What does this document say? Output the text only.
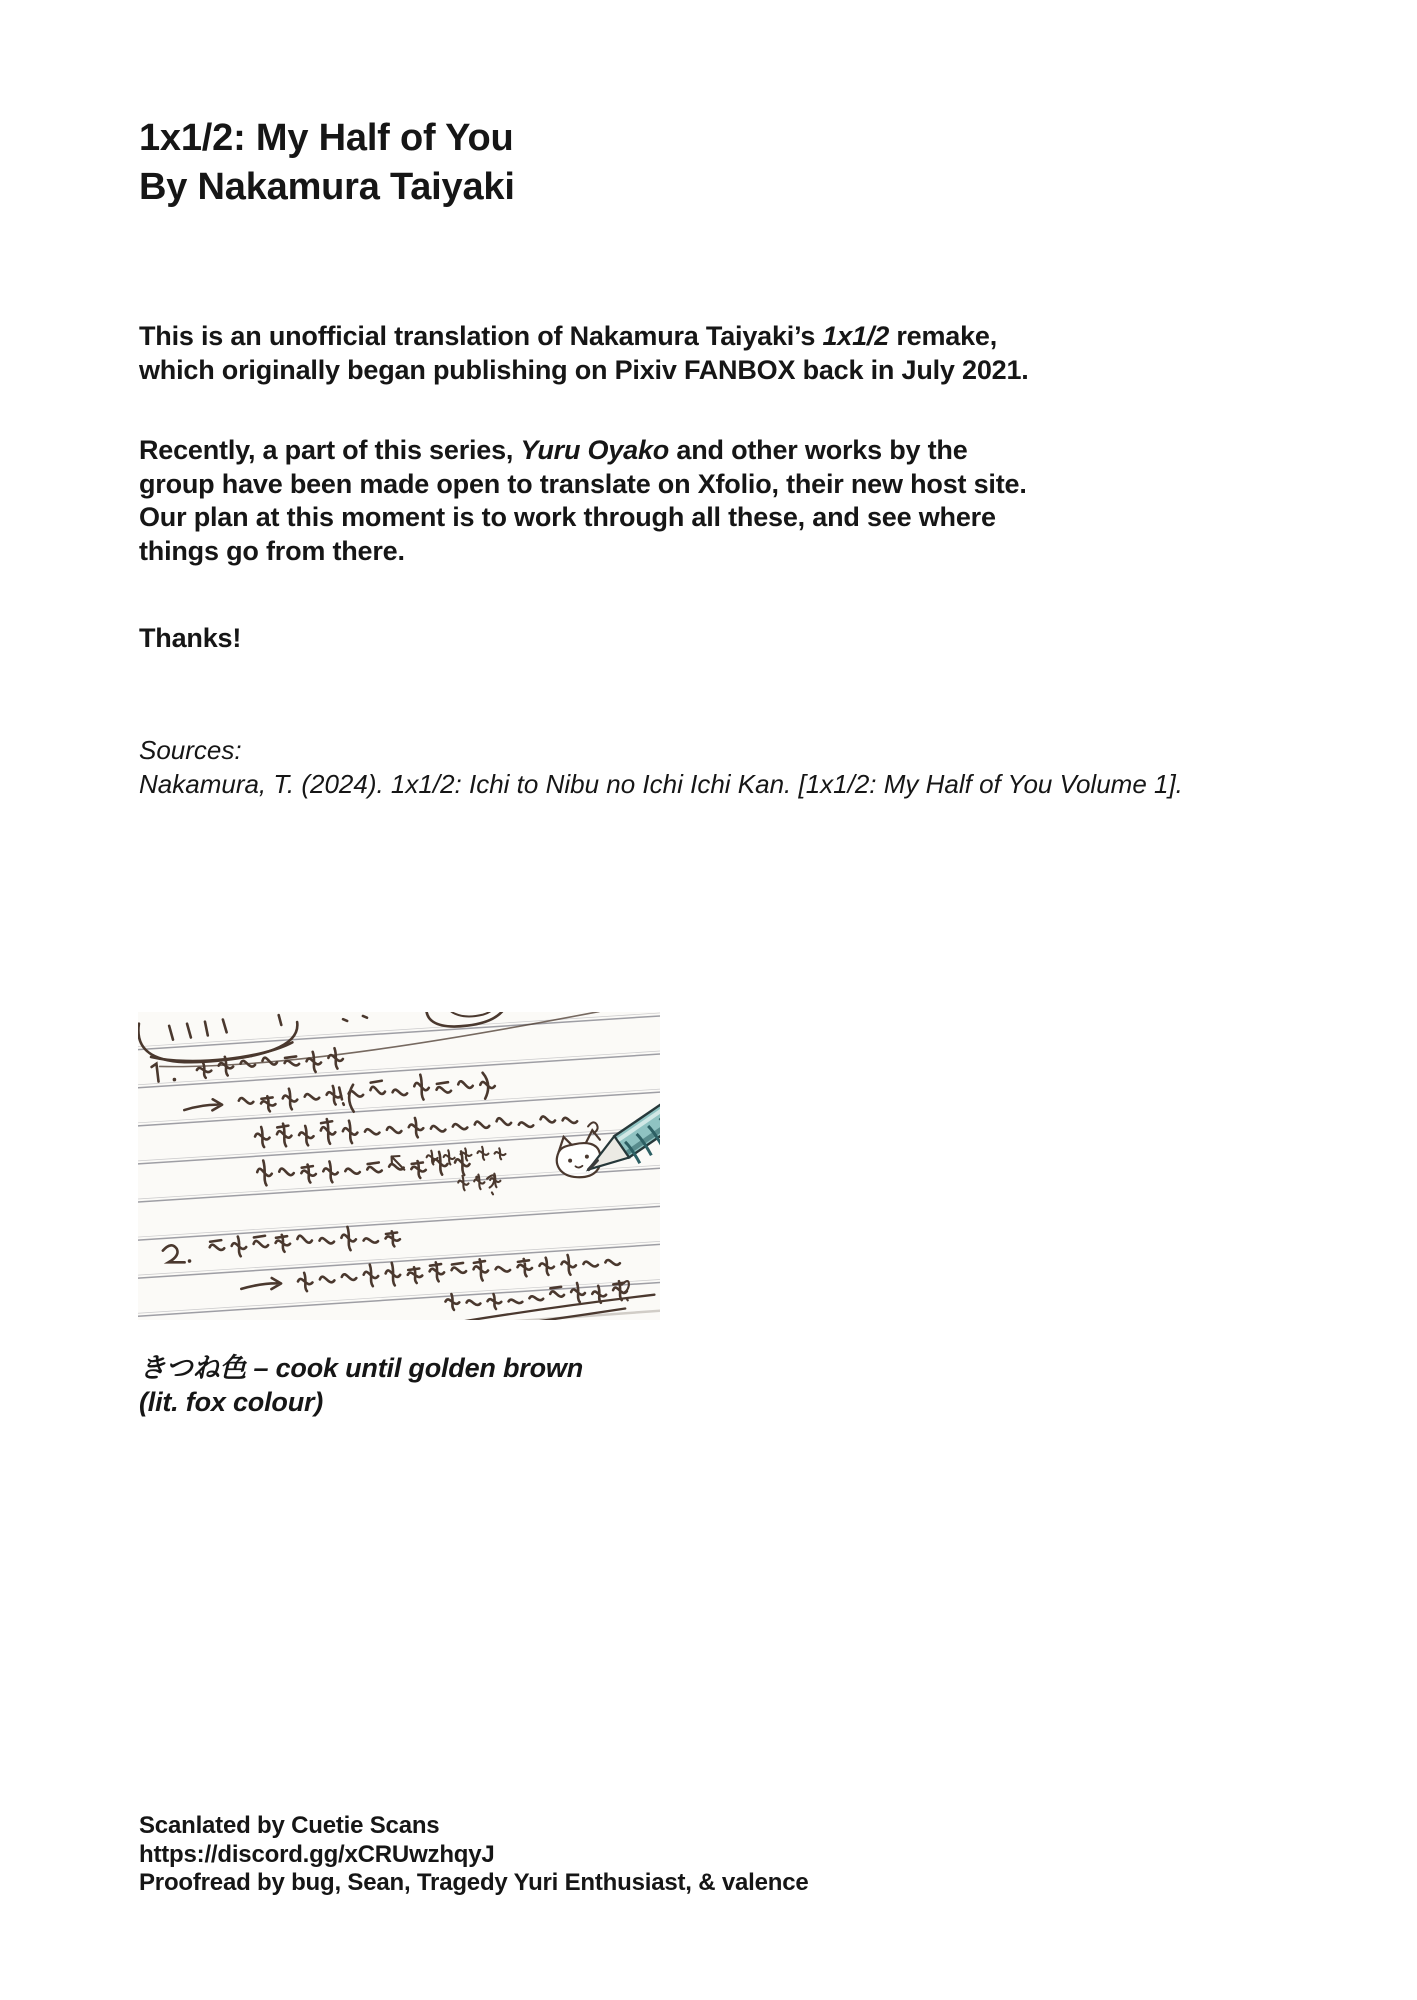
1x1/2: My Half of You
By Nakamura Taiyaki
This is an unofficial translation of Nakamura Taiyaki’s 1x1/2 remake,
which originally began publishing on Pixiv FANBOX back in July 2021.
Recently, a part of this series, Yuru Oyako and other works by the
group have been made open to translate on Xfolio, their new host site.
Our plan at this moment is to work through all these, and see where
things go from there.
Thanks!
Sources:
Nakamura, T. (2024). 1x1/2: Ichi to Nibu no Ichi Ichi Kan. [1x1/2: My Half of You Volume 1].
きつね色 – cook until golden brown
(lit. fox colour)
Scanlated by Cuetie Scans
https://discord.gg/xCRUwzhqyJ
Proofread by bug, Sean, Tragedy Yuri Enthusiast, & valence
